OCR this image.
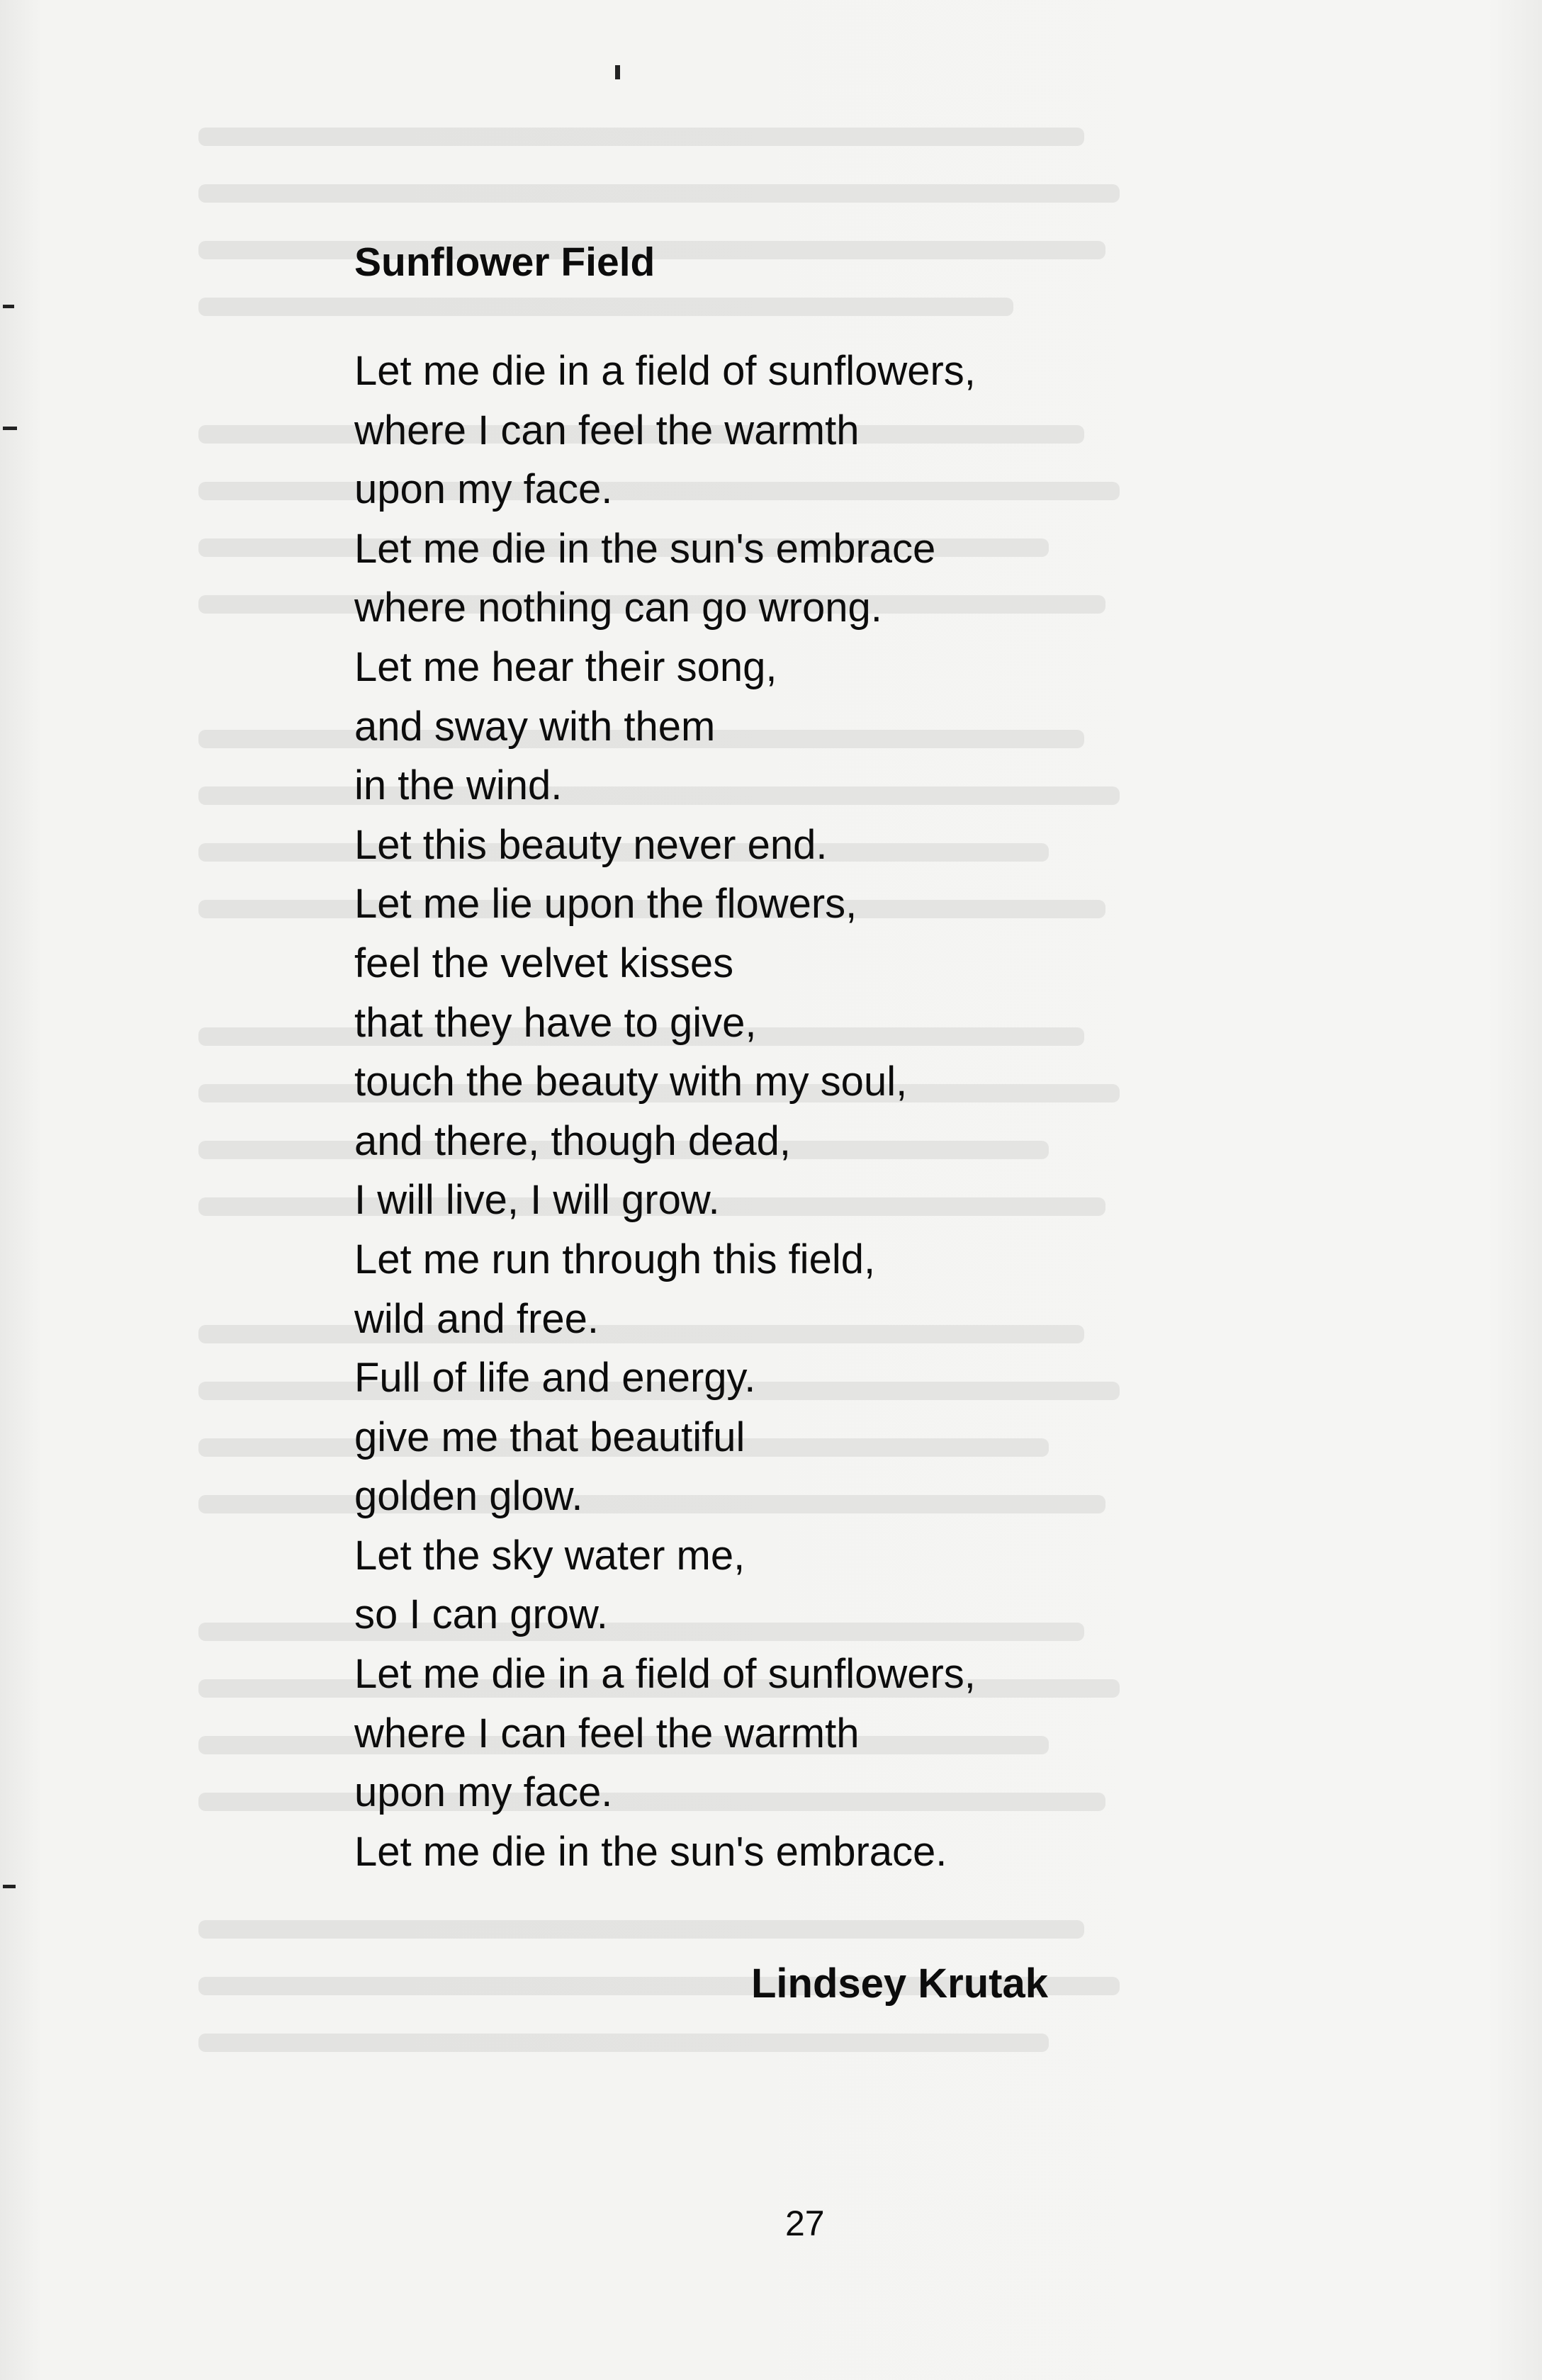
Sunflower Field
Let me die in a field of sunflowers,
where I can feel the warmth
upon my face.
Let me die in the sun's embrace
where nothing can go wrong.
Let me hear their song,
and sway with them
in the wind.
Let this beauty never end.
Let me lie upon the flowers,
feel the velvet kisses
that they have to give,
touch the beauty with my soul,
and there, though dead,
I will live, I will grow.
Let me run through this field,
wild and free.
Full of life and energy.
give me that beautiful
golden glow.
Let the sky water me,
so I can grow.
Let me die in a field of sunflowers,
where I can feel the warmth
upon my face.
Let me die in the sun's embrace.
Lindsey Krutak
27
